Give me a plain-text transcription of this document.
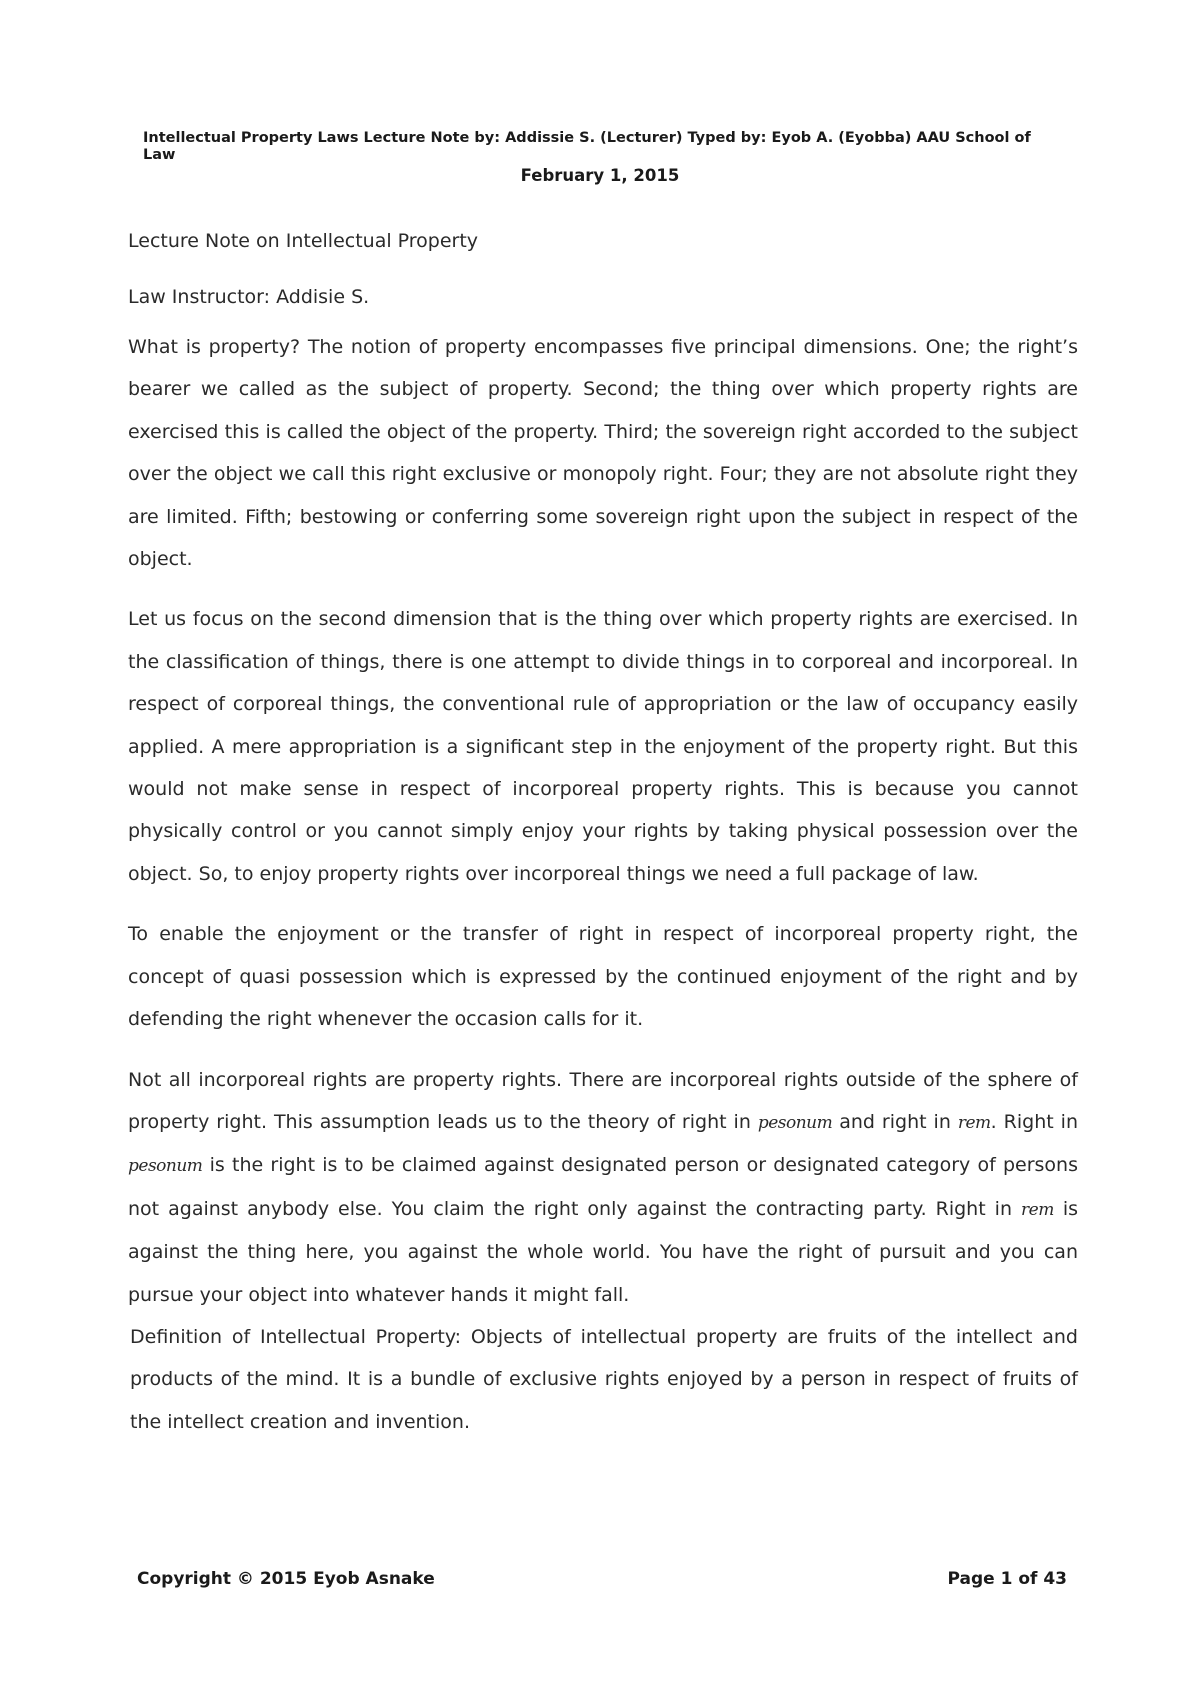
Intellectual Property Laws Lecture Note by: Addissie S. (Lecturer) Typed by: Eyob A. (Eyobba) AAU School of Law
February 1, 2015

Lecture Note on Intellectual Property

Law Instructor: Addisie S.

What is property? The notion of property encompasses five principal dimensions. One; the right’s bearer we called as the subject of property. Second; the thing over which property rights are exercised this is called the object of the property. Third; the sovereign right accorded to the subject over the object we call this right exclusive or monopoly right. Four; they are not absolute right they are limited. Fifth; bestowing or conferring some sovereign right upon the subject in respect of the object.

Let us focus on the second dimension that is the thing over which property rights are exercised. In the classification of things, there is one attempt to divide things in to corporeal and incorporeal. In respect of corporeal things, the conventional rule of appropriation or the law of occupancy easily applied. A mere appropriation is a significant step in the enjoyment of the property right. But this would not make sense in respect of incorporeal property rights. This is because you cannot physically control or you cannot simply enjoy your rights by taking physical possession over the object. So, to enjoy property rights over incorporeal things we need a full package of law.

To enable the enjoyment or the transfer of right in respect of incorporeal property right, the concept of quasi possession which is expressed by the continued enjoyment of the right and by defending the right whenever the occasion calls for it.

Not all incorporeal rights are property rights. There are incorporeal rights outside of the sphere of property right. This assumption leads us to the theory of right in pesonum and right in rem. Right in pesonum is the right is to be claimed against designated person or designated category of persons not against anybody else. You claim the right only against the contracting party. Right in rem is against the thing here, you against the whole world. You have the right of pursuit and you can pursue your object into whatever hands it might fall.

Definition of Intellectual Property: Objects of intellectual property are fruits of the intellect and products of the mind. It is a bundle of exclusive rights enjoyed by a person in respect of fruits of the intellect creation and invention.

Copyright © 2015 Eyob Asnake	Page 1 of 43
